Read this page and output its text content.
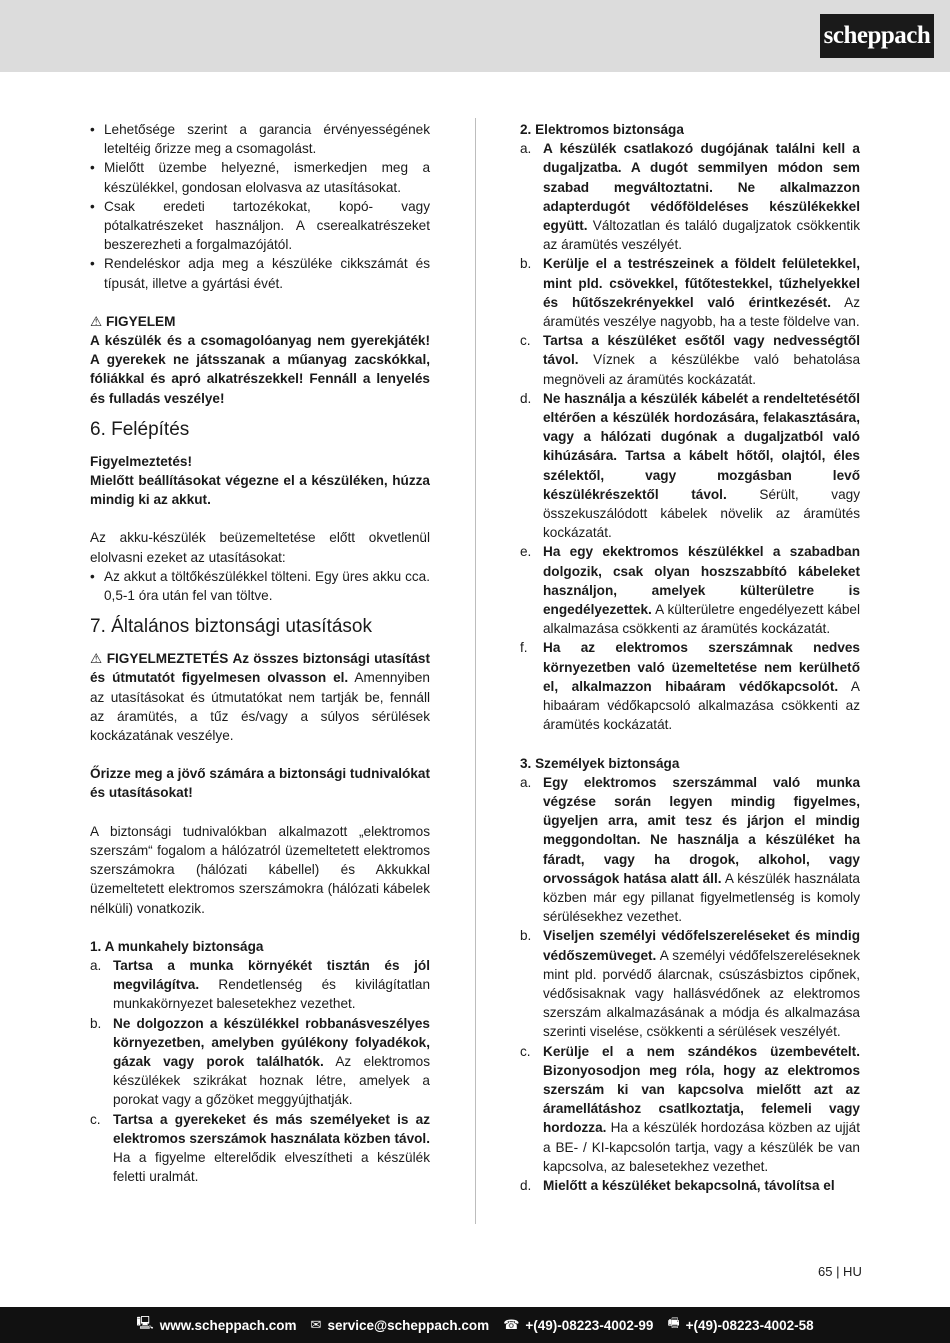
scheppach
• Lehetősége szerint a garancia érvényességének leteltéig őrizze meg a csomagolást.
• Mielőtt üzembe helyezné, ismerkedjen meg a készülékkel, gondosan elolvasva az utasításokat.
• Csak eredeti tartozékokat, kopó- vagy pótalkatrészeket használjon. A cserealkatrészeket beszerezheti a forgalmazójától.
• Rendeléskor adja meg a készüléke cikkszámát és típusát, illetve a gyártási évét.
⚠ FIGYELEM

A készülék és a csomagolóanyag nem gyerekjáték! A gyerekek ne játsszanak a műanyag zacskókkal, fóliákkal és apró alkatrészekkel! Fennáll a lenyelés és fulladás veszélye!

6. Felépítés

Figyelmeztetés!

Mielőtt beállításokat végezne el a készüléken, húzza mindig ki az akkut.

Az akku-készülék beüzemeltetése előtt okvetlenül elolvasni ezeket az utasításokat:

• Az akkut a töltőkészülékkel tölteni. Egy üres akku cca. 0,5-1 óra után fel van töltve.
7. Általános biztonsági utasítások

⚠ FIGYELMEZTETÉS Az összes biztonsági utasítást és útmutatót figyelmesen olvasson el. Amennyiben az utasításokat és útmutatókat nem tartják be, fennáll az áramütés, a tűz és/vagy a súlyos sérülések kockázatának veszélye.

Őrizze meg a jövő számára a biztonsági tudnivalókat és utasításokat!

A biztonsági tudnivalókban alkalmazott „elektromos szerszám“ fogalom a hálózatról üzemeltetett elektromos szerszámokra (hálózati kábellel) és Akkukkal üzemeltetett elektromos szerszámokra (hálózati kábelek nélküli) vonatkozik.

1. A munkahely biztonsága

a. Tartsa a munka környékét tisztán és jól megvilágítva. Rendetlenség és kivilágítatlan munkakörnyezet balesetekhez vezethet.
b. Ne dolgozzon a készülékkel robbanásveszélyes környezetben, amelyben gyúlékony folyadékok, gázak vagy porok találhatók. Az elektromos készülékek szikrákat hoznak létre, amelyek a porokat vagy a gőzöket meggyújthatják.
c. Tartsa a gyerekeket és más személyeket is az elektromos szerszámok használata közben távol. Ha a figyelme elterelődik elveszítheti a készülék feletti uralmát.

2. Elektromos biztonsága

a. A készülék csatlakozó dugójának találni kell a dugaljzatba. A dugót semmilyen módon sem szabad megváltoztatni. Ne alkalmazzon adapterdugót védőföldeléses készülékekkel együtt. Változatlan és találó dugaljzatok csökkentik az áramütés veszélyét.
b. Kerülje el a testrészeinek a földelt felületekkel, mint pld. csövekkel, fűtőtestekkel, tűzhelyekkel és hűtőszekrényekkel való érintkezését. Az áramütés veszélye nagyobb, ha a teste földelve van.
c. Tartsa a készüléket esőtől vagy nedvességtől távol. Víznek a készülékbe való behatolása megnöveli az áramütés kockázatát.
d. Ne használja a készülék kábelét a rendeltetésétől eltérően a készülék hordozására, felakasztására, vagy a hálózati dugónak a dugaljzatból való kihúzására. Tartsa a kábelt hőtől, olajtól, éles szélektől, vagy mozgásban levő készülékrészektől távol. Sérült, vagy összekuszálódott kábelek növelik az áramütés kockázatát.
e. Ha egy ekektromos készülékkel a szabadban dolgozik, csak olyan hoszszabbító kábeleket használjon, amelyek külterületre is engedélyezettek. A külterületre engedélyezett kábel alkalmazása csökkenti az áramütés kockázatát.
f.	Ha az elektromos szerszámnak nedves környezetben való üzemeltetése nem kerülhető el, alkalmazzon hibaáram védőkapcsolót. A hibaáram védőkapcsoló alkalmazása csökkenti az áramütés kockázatát.

3. Személyek biztonsága

a. Egy elektromos szerszámmal való munka végzése során legyen mindig figyelmes, ügyeljen arra, amit tesz és járjon el mindig meggondoltan. Ne használja a készüléket ha fáradt, vagy ha drogok, alkohol, vagy orvosságok hatása alatt áll. A készülék használata közben már egy pillanat figyelmetlenség is komoly sérülésekhez vezethet.
b. Viseljen személyi védőfelszereléseket és mindig védőszemüveget. A személyi védőfelszereléseknek mint pld. porvédő álarcnak, csúszásbiztos cipőnek, védősisaknak vagy hallásvédőnek az elektromos szerszám alkalmazásának a módja és alkalmazása szerinti viselése, csökkenti a sérülések veszélyét.
c. Kerülje el a nem szándékos üzembevételt. Bizonyosodjon meg róla, hogy az elektromos szerszám ki van kapcsolva mielőtt azt az áramellátáshoz csatlkoztatja, felemeli vagy hordozza. Ha a készülék hordozása közben az ujját a BE- / KI-kapcsolón tartja, vagy a készülék be van kapcsolva, az balesetekhez vezethet.
d. Mielőtt a készüléket bekapcsolná, távolítsa el
65 | HU
🖳 www.scheppach.com ✉ service@scheppach.com ☎ +(49)-08223-4002-99 🖷 +(49)-08223-4002-58
